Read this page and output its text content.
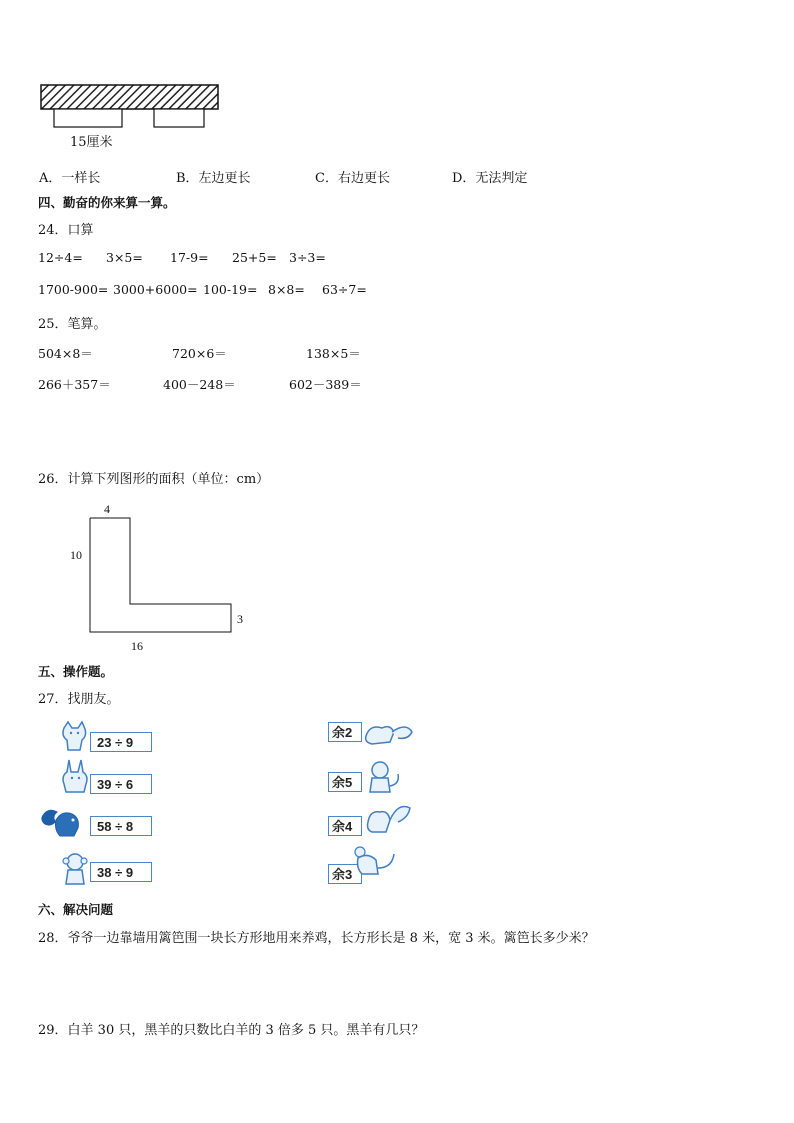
15厘米
A．一样长	B．左边更长	C．右边更长	D．无法判定
四、勤奋的你来算一算。
24．口算
12÷4= 3×5= 17-9= 25+5= 3÷3=
1700-900= 3000+6000= 100-19= 8×8= 63÷7=
25．笔算。
504×8＝	720×6＝	138×5＝
266＋357＝	400－248＝	602－389＝
26．计算下列图形的面积（单位：cm）
4
10
3
16
五、操作题。
27．找朋友。
23 ÷ 9
39 ÷ 6
58 ÷ 8
38 ÷ 9
余2
余5
余4
余3
六、解决问题
28．爷爷一边靠墙用篱笆围一块长方形地用来养鸡，长方形长是 8 米，宽 3 米。篱笆长多少米？
29．白羊 30 只，黑羊的只数比白羊的 3 倍多 5 只。黑羊有几只？
